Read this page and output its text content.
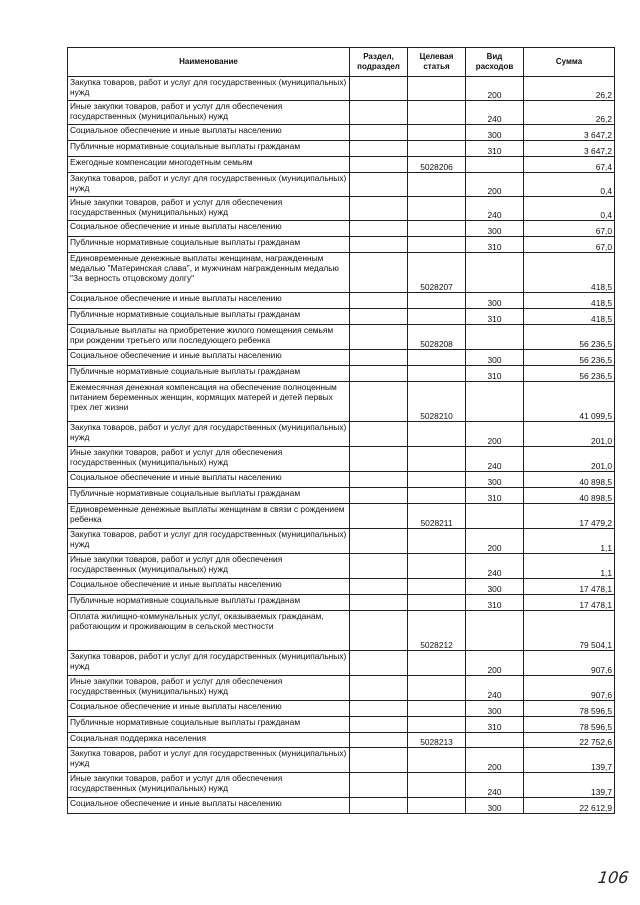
Наименование	Раздел, подраздел	Целевая статья	Вид расходов	Сумма
Закупка товаров, работ и услуг для государственных (муниципальных) нужд			200	26,2
Иные закупки товаров, работ и услуг для обеспечения государственных (муниципальных) нужд			240	26,2
Социальное обеспечение и иные выплаты населению			300	3 647,2
Публичные нормативные социальные выплаты гражданам			310	3 647,2
Ежегодные компенсации многодетным семьям		5028206		67,4
Закупка товаров, работ и услуг для государственных (муниципальных) нужд			200	0,4
Иные закупки товаров, работ и услуг для обеспечения государственных (муниципальных) нужд			240	0,4
Социальное обеспечение и иные выплаты населению			300	67,0
Публичные нормативные социальные выплаты гражданам			310	67,0
Единовременные денежные выплаты женщинам, награжденным медалью "Материнская слава", и мужчинам награжденным медалью "За верность отцовскому долгу"		5028207		418,5
Социальное обеспечение и иные выплаты населению			300	418,5
Публичные нормативные социальные выплаты гражданам			310	418,5
Социальные выплаты на приобретение жилого помещения семьям при рождении третьего или последующего ребенка		5028208		56 236,5
Социальное обеспечение и иные выплаты населению			300	56 236,5
Публичные нормативные социальные выплаты гражданам			310	56 236,5
Ежемесячная денежная компенсация на обеспечение полноценным питанием беременных женщин, кормящих матерей и детей первых трех лет жизни		5028210		41 099,5
Закупка товаров, работ и услуг для государственных (муниципальных) нужд			200	201,0
Иные закупки товаров, работ и услуг для обеспечения государственных (муниципальных) нужд			240	201,0
Социальное обеспечение и иные выплаты населению			300	40 898,5
Публичные нормативные социальные выплаты гражданам			310	40 898,5
Единовременные денежные выплаты женщинам в связи с рождением ребенка		5028211		17 479,2
Закупка товаров, работ и услуг для государственных (муниципальных) нужд			200	1,1
Иные закупки товаров, работ и услуг для обеспечения государственных (муниципальных) нужд			240	1,1
Социальное обеспечение и иные выплаты населению			300	17 478,1
Публичные нормативные социальные выплаты гражданам			310	17 478,1
Оплата жилищно-коммунальных услуг, оказываемых гражданам, работающим и проживающим в сельской местности		5028212		79 504,1
Закупка товаров, работ и услуг для государственных (муниципальных) нужд			200	907,6
Иные закупки товаров, работ и услуг для обеспечения государственных (муниципальных) нужд			240	907,6
Социальное обеспечение и иные выплаты населению			300	78 596,5
Публичные нормативные социальные выплаты гражданам			310	78 596,5
Социальная поддержка населения		5028213		22 752,6
Закупка товаров, работ и услуг для государственных (муниципальных) нужд			200	139,7
Иные закупки товаров, работ и услуг для обеспечения государственных (муниципальных) нужд			240	139,7
Социальное обеспечение и иные выплаты населению			300	22 612,9
106
